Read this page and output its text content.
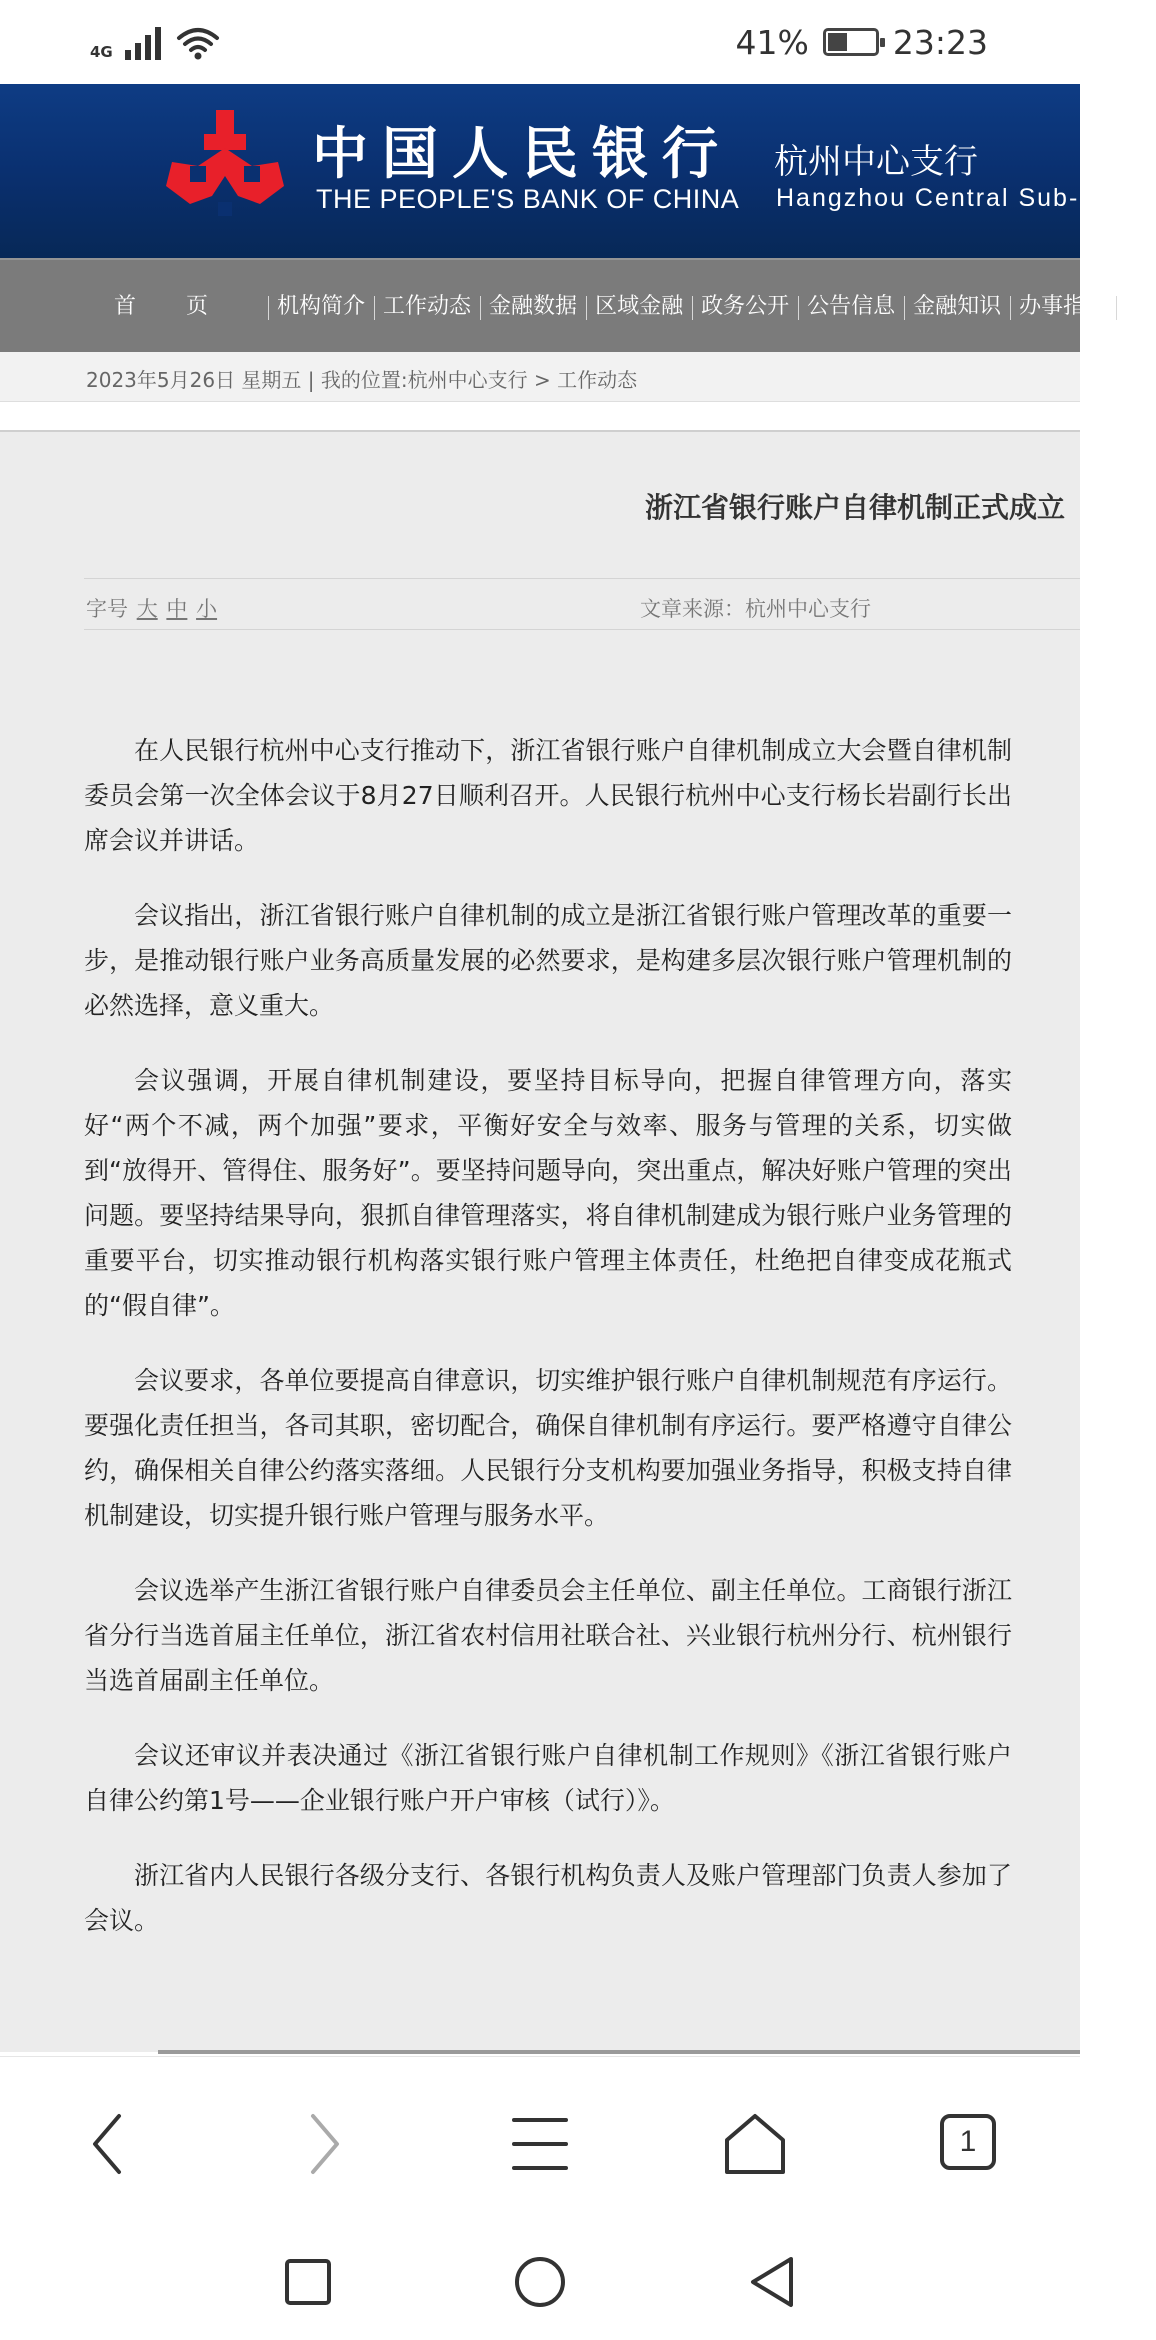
4G	41%	23:23
中国人民银行
THE PEOPLE'S BANK OF CHINA
杭州中心支行
Hangzhou Central Sub-bran
首页 机构简介 工作动态 金融数据 区域金融 政务公开 公告信息 金融知识 办事指南 热
2023年5月26日 星期五 | 我的位置:杭州中心支行 > 工作动态
浙江省银行账户自律机制正式成立
字号 大 中 小	文章来源：杭州中心支行

在人民银行杭州中心支行推动下，浙江省银行账户自律机制成立大会暨自律机制委员会第一次全体会议于8月27日顺利召开。人民银行杭州中心支行杨长岩副行长出席会议并讲话。

会议指出，浙江省银行账户自律机制的成立是浙江省银行账户管理改革的重要一步，是推动银行账户业务高质量发展的必然要求，是构建多层次银行账户管理机制的必然选择，意义重大。

会议强调，开展自律机制建设，要坚持目标导向，把握自律管理方向，落实好“两个不减，两个加强”要求，平衡好安全与效率、服务与管理的关系，切实做到“放得开、管得住、服务好”。要坚持问题导向，突出重点，解决好账户管理的突出问题。要坚持结果导向，狠抓自律管理落实，将自律机制建成为银行账户业务管理的重要平台，切实推动银行机构落实银行账户管理主体责任，杜绝把自律变成花瓶式的“假自律”。

会议要求，各单位要提高自律意识，切实维护银行账户自律机制规范有序运行。要强化责任担当，各司其职，密切配合，确保自律机制有序运行。要严格遵守自律公约，确保相关自律公约落实落细。人民银行分支机构要加强业务指导，积极支持自律机制建设，切实提升银行账户管理与服务水平。

会议选举产生浙江省银行账户自律委员会主任单位、副主任单位。工商银行浙江省分行当选首届主任单位，浙江省农村信用社联合社、兴业银行杭州分行、杭州银行当选首届副主任单位。

会议还审议并表决通过《浙江省银行账户自律机制工作规则》《浙江省银行账户自律公约第1号——企业银行账户开户审核（试行）》。

浙江省内人民银行各级分支行、各银行机构负责人及账户管理部门负责人参加了会议。

1
